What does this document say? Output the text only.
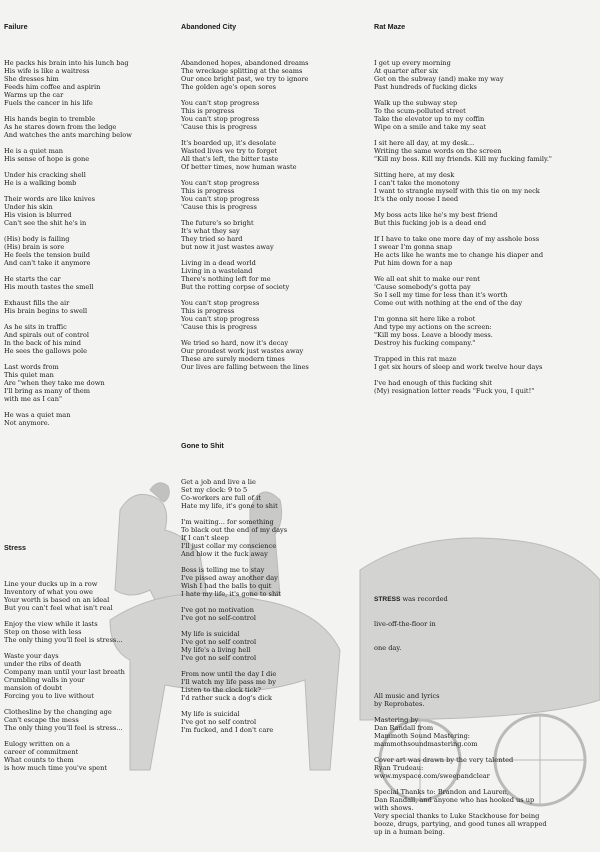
Failure

He packs his brain into his lunch bag
His wife is like a waitress
She dresses him
Feeds him coffee and aspirin
Warms up the car
Fuels the cancer in his life
His hands begin to tremble
As he stares down from the ledge
And watches the ants marching below
He is a quiet man
His sense of hope is gone
Under his cracking shell
He is a walking bomb
Their words are like knives
Under his skin
His vision is blurred
Can't see the shit he's in
(His) body is failing
(His) brain is sore
He feels the tension build
And can't take it anymore
He starts the car
His mouth tastes the smell
Exhaust fills the air
His brain begins to swell
As he sits in traffic
And spirals out of control
In the back of his mind
He sees the gallows pole
Last words from
This quiet man
Are "when they take me down
I'll bring as many of them
with me as I can"
He was a quiet man
Not anymore.

Stress

Line your ducks up in a row
Inventory of what you owe
Your worth is based on an ideal
But you can't feel what isn't real
Enjoy the view while it lasts
Step on those with less
The only thing you'll feel is stress...
Waste your days
under the ribs of death
Company man until your last breath
Crumbling walls in your
mansion of doubt
Forcing you to live without
Clothesline by the changing age
Can't escape the mess
The only thing you'll feel is stress...
Eulogy written on a
career of commitment
What counts to them
is how much time you've spent

Abandoned City

Abandoned hopes, abandoned dreams
The wreckage splitting at the seams
Our once bright past, we try to ignore
The golden age's open sores
You can't stop progress
This is progress
You can't stop progress
'Cause this is progress
It's boarded up, it's desolate
Wasted lives we try to forget
All that's left, the bitter taste
Of better times, now human waste
You can't stop progress
This is progress
You can't stop progress
'Cause this is progress
The future's so bright
It's what they say
They tried so hard
but now it just wastes away
Living in a dead world
Living in a wasteland
There's nothing left for me
But the rotting corpse of society
You can't stop progress
This is progress
You can't stop progress
'Cause this is progress
We tried so hard, now it's decay
Our proudest work just wastes away
These are surely modern times
Our lives are falling between the lines

Gone to Shit

Get a job and live a lie
Set my clock: 9 to 5
Co-workers are full of it
Hate my life, it's gone to shit
I'm waiting... for something
To black out the end of my days
If I can't sleep
I'll just collar my conscience
And blow it the fuck away
Boss is telling me to stay
I've pissed away another day
Wish I had the balls to quit
I hate my life, it's gone to shit
I've got no motivation
I've got no self-control
My life is suicidal
I've got no self control
My life's a living hell
I've got no self control
From now until the day I die
I'll watch my life pass me by
Listen to the clock tick?
I'd rather suck a dog's dick
My life is suicidal
I've got no self control
I'm fucked, and I don't care

Rat Maze

I get up every morning
At quarter after six
Get on the subway (and) make my way
Past hundreds of fucking dicks
Walk up the subway step
To the scum-polluted street
Take the elevator up to my coffin
Wipe on a smile and take my seat
I sit here all day, at my desk...
Writing the same words on the screen
"Kill my boss. Kill my friends. Kill my fucking family."
Sitting here, at my desk
I can't take the monotony
I want to strangle myself with this tie on my neck
It's the only noose I need
My boss acts like he's my best friend
But this fucking job is a dead end
If I have to take one more day of my asshole boss
I swear I'm gonna snap
He acts like he wants me to change his diaper and
Put him down for a nap
We all eat shit to make our rent
'Cause somebody's gotta pay
So I sell my time for less than it's worth
Come out with nothing at the end of the day
I'm gonna sit here like a robot
And type my actions on the screen:
"Kill my boss. Leave a bloody mess.
Destroy his fucking company."
Trapped in this rat maze
I get six hours of sleep and work twelve hour days
I've had enough of this fucking shit
(My) resignation letter reads "Fuck you, I quit!"

STRESS was recorded

live-off-the-floor in

one day.

All music and lyrics
by Reprobates.
Mastering by
Dan Randall from
Mammoth Sound Mastering:
mammothsoundmastering.com
Cover art was drawn by the very talented
Ryan Trudeau:
www.myspace.com/sweepandclear
Special Thanks to: Brandon and Lauren,
Dan Randall, and anyone who has hooked us up
with shows.
Very special thanks to Luke Stackhouse for being
booze, drugs, partying, and good tunes all wrapped
up in a human being.
